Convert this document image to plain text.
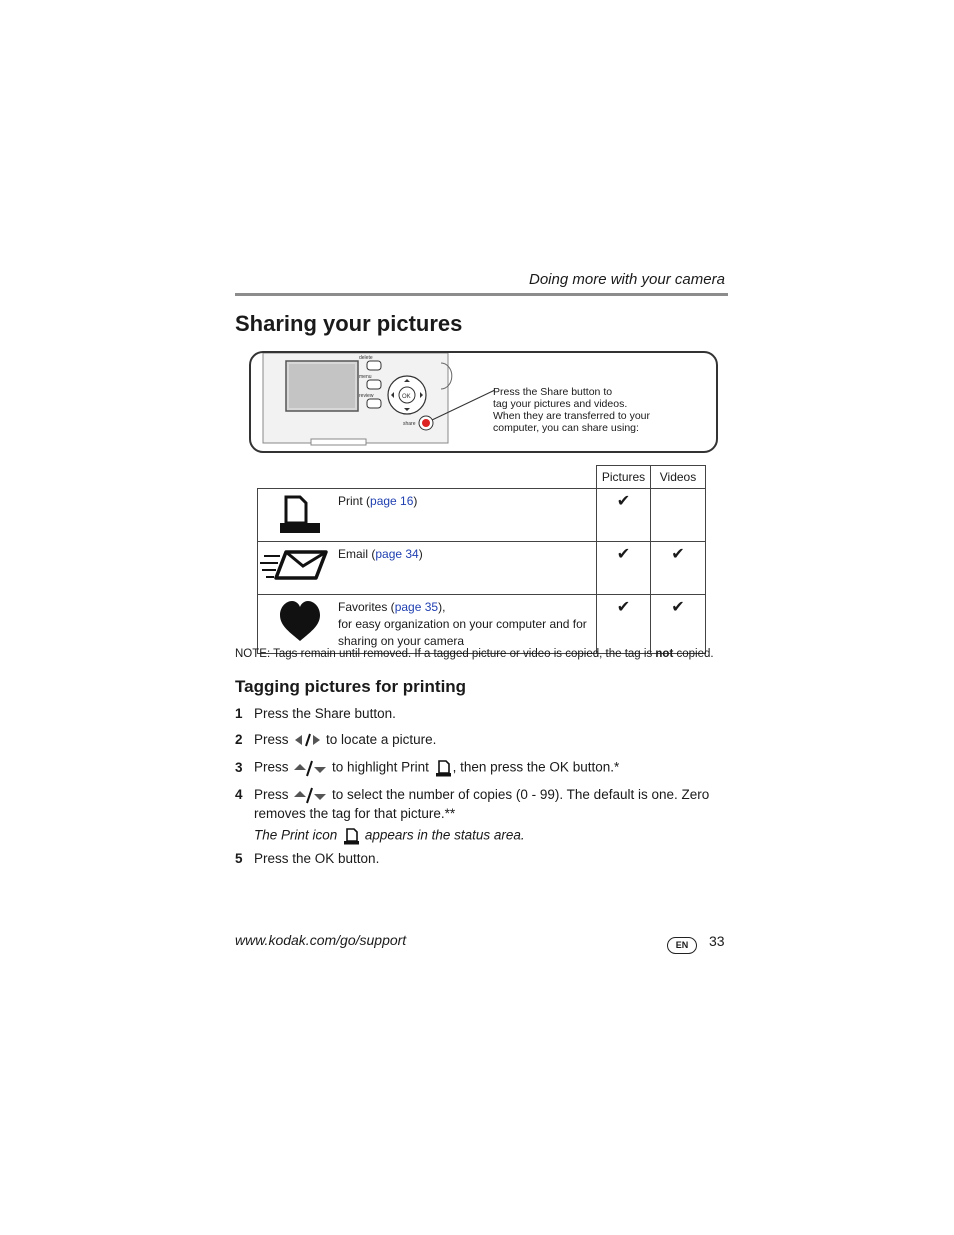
Doing more with your camera
Sharing your pictures
delete
menu
review	OK
share
Press the Share button to
tag your pictures and videos.
When they are transferred to your
computer, you can share using:
		Pictures	Videos
	Print (page 16)	✔	
	Email (page 34)	✔	✔

Favorites (page 35),
for easy organization on your computer and for
sharing on your camera	✔	✔
NOTE: Tags remain until removed. If a tagged picture or video is copied, the tag is not copied.
Tagging pictures for printing
1 Press the Share button.
2 Press	to locate a picture.
3 Press	to highlight Print , then press the OK button.*
4 Press	to select the number of copies (0 - 99). The default is one. Zero
removes the tag for that picture.**
The Print icon appears in the status area.
5 Press the OK button.
www.kodak.com/go/support	EN	33
